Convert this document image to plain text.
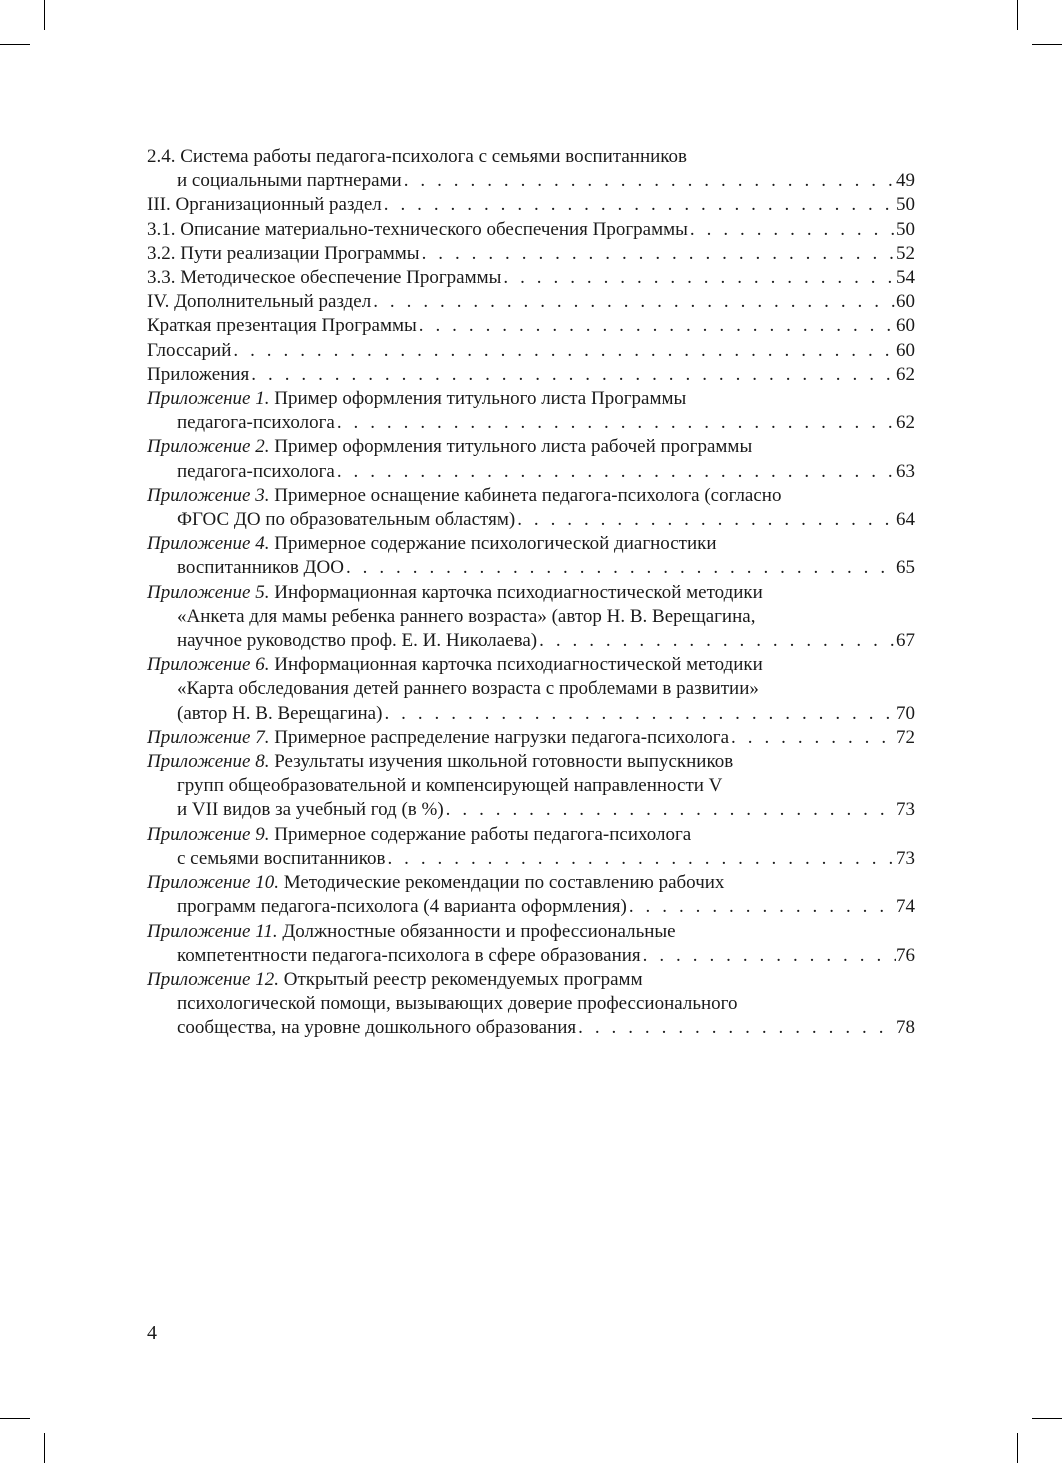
2.4. Система работы педагога-психолога с семьями воспитанников
и социальными партнерами . . .	49
III. Организационный раздел . . .	50
3.1. Описание материально-технического обеспечения Программы . . .	50
3.2. Пути реализации Программы . . .	52
3.3. Методическое обеспечение Программы . . .	54
IV. Дополнительный раздел . . .	60
Краткая презентация Программы . . .	60
Глоссарий . . .	60
Приложения . . .	62
Приложение 1. Пример оформления титульного листа Программы
педагога-психолога . . .	62
Приложение 2. Пример оформления титульного листа рабочей программы
педагога-психолога . . .	63
Приложение 3. Примерное оснащение кабинета педагога-психолога (согласно
ФГОС ДО по образовательным областям) . . .	64
Приложение 4. Примерное содержание психологической диагностики
воспитанников ДОО . . .	65
Приложение 5. Информационная карточка психодиагностической методики
«Анкета для мамы ребенка раннего возраста» (автор Н. В. Верещагина,
научное руководство проф. Е. И. Николаева) . . .	67
Приложение 6. Информационная карточка психодиагностической методики
«Карта обследования детей раннего возраста с проблемами в развитии»
(автор Н. В. Верещагина) . . .	70
Приложение 7. Примерное распределение нагрузки педагога-психолога . . .	72
Приложение 8. Результаты изучения школьной готовности выпускников
групп общеобразовательной и компенсирующей направленности V
и VII видов за учебный год (в %) . . .	73
Приложение 9. Примерное содержание работы педагога-психолога
с семьями воспитанников . . .	73
Приложение 10. Методические рекомендации по составлению рабочих
программ педагога-психолога (4 варианта оформления) . . .	74
Приложение 11. Должностные обязанности и профессиональные
компетентности педагога-психолога в сфере образования . . .	76
Приложение 12. Открытый реестр рекомендуемых программ
психологической помощи, вызывающих доверие профессионального
сообщества, на уровне дошкольного образования . . .	78
4
